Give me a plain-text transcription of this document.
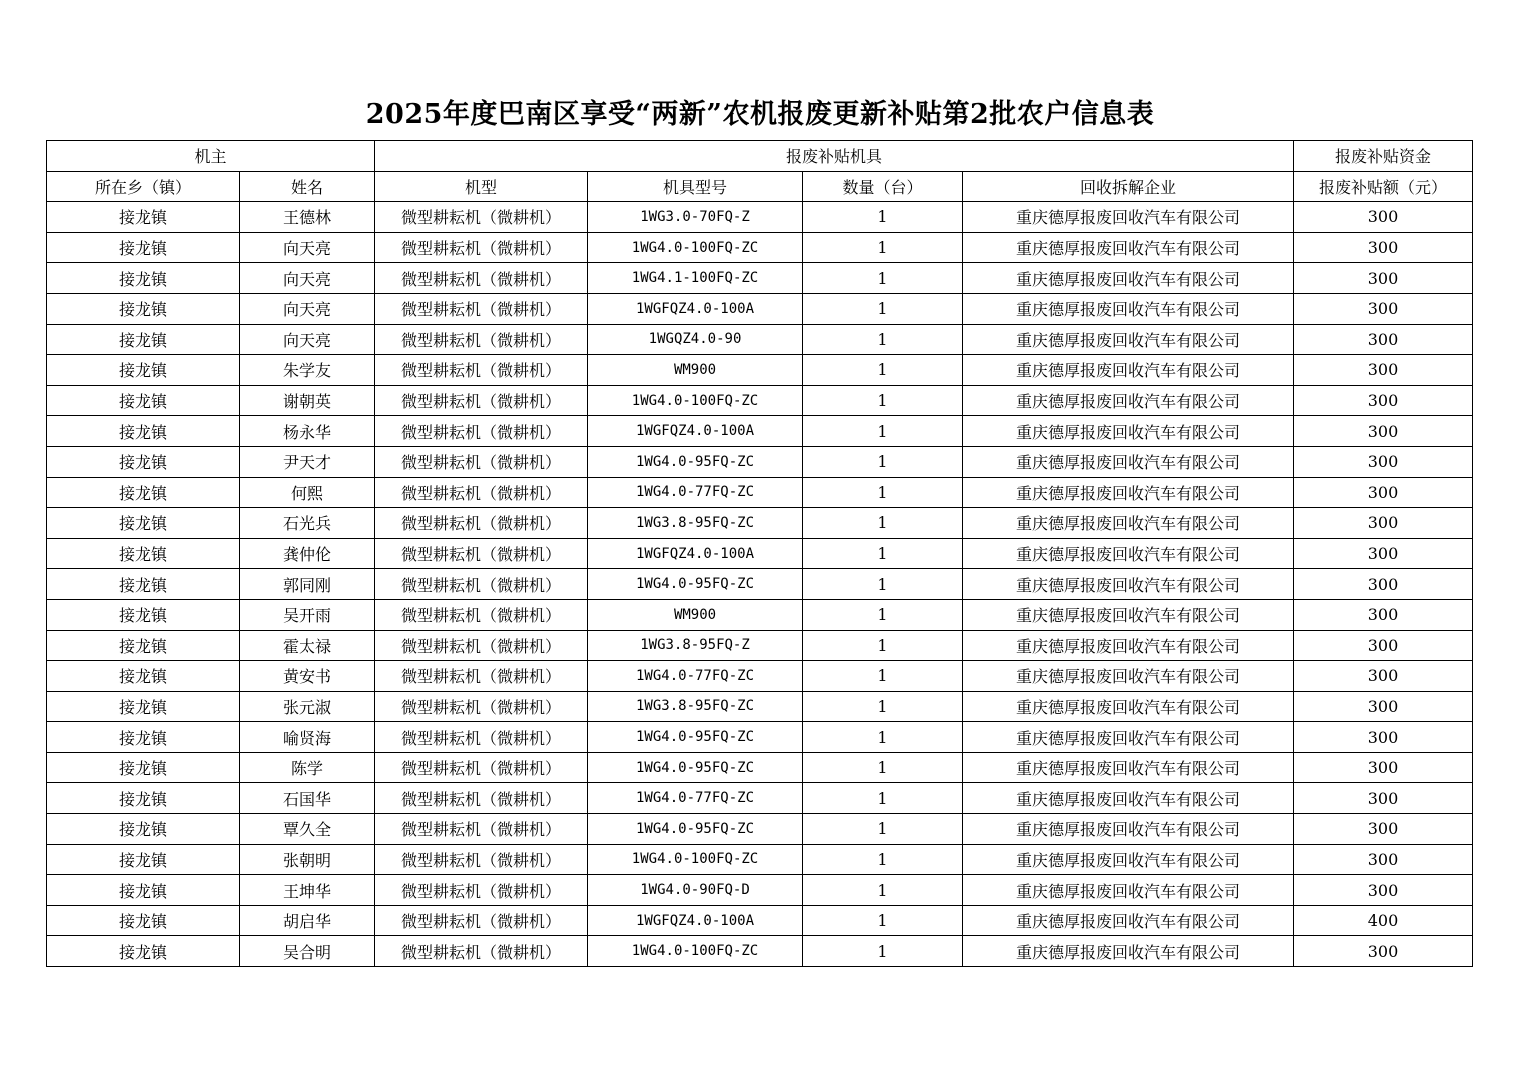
2025年度巴南区享受“两新”农机报废更新补贴第2批农户信息表
机主		报废补贴机具				报废补贴资金
所在乡（镇）	姓名	机型	机具型号	数量（台）	回收拆解企业	报废补贴额（元）
接龙镇	王德林	微型耕耘机（微耕机）	1WG3.0-70FQ-Z	1	重庆德厚报废回收汽车有限公司	300
接龙镇	向天亮	微型耕耘机（微耕机）	1WG4.0-100FQ-ZC	1	重庆德厚报废回收汽车有限公司	300
接龙镇	向天亮	微型耕耘机（微耕机）	1WG4.1-100FQ-ZC	1	重庆德厚报废回收汽车有限公司	300
接龙镇	向天亮	微型耕耘机（微耕机）	1WGFQZ4.0-100A	1	重庆德厚报废回收汽车有限公司	300
接龙镇	向天亮	微型耕耘机（微耕机）	1WGQZ4.0-90	1	重庆德厚报废回收汽车有限公司	300
接龙镇	朱学友	微型耕耘机（微耕机）	WM900	1	重庆德厚报废回收汽车有限公司	300
接龙镇	谢朝英	微型耕耘机（微耕机）	1WG4.0-100FQ-ZC	1	重庆德厚报废回收汽车有限公司	300
接龙镇	杨永华	微型耕耘机（微耕机）	1WGFQZ4.0-100A	1	重庆德厚报废回收汽车有限公司	300
接龙镇	尹天才	微型耕耘机（微耕机）	1WG4.0-95FQ-ZC	1	重庆德厚报废回收汽车有限公司	300
接龙镇	何熙	微型耕耘机（微耕机）	1WG4.0-77FQ-ZC	1	重庆德厚报废回收汽车有限公司	300
接龙镇	石光兵	微型耕耘机（微耕机）	1WG3.8-95FQ-ZC	1	重庆德厚报废回收汽车有限公司	300
接龙镇	龚仲伦	微型耕耘机（微耕机）	1WGFQZ4.0-100A	1	重庆德厚报废回收汽车有限公司	300
接龙镇	郭同刚	微型耕耘机（微耕机）	1WG4.0-95FQ-ZC	1	重庆德厚报废回收汽车有限公司	300
接龙镇	吴开雨	微型耕耘机（微耕机）	WM900	1	重庆德厚报废回收汽车有限公司	300
接龙镇	霍太禄	微型耕耘机（微耕机）	1WG3.8-95FQ-Z	1	重庆德厚报废回收汽车有限公司	300
接龙镇	黄安书	微型耕耘机（微耕机）	1WG4.0-77FQ-ZC	1	重庆德厚报废回收汽车有限公司	300
接龙镇	张元淑	微型耕耘机（微耕机）	1WG3.8-95FQ-ZC	1	重庆德厚报废回收汽车有限公司	300
接龙镇	喻贤海	微型耕耘机（微耕机）	1WG4.0-95FQ-ZC	1	重庆德厚报废回收汽车有限公司	300
接龙镇	陈学	微型耕耘机（微耕机）	1WG4.0-95FQ-ZC	1	重庆德厚报废回收汽车有限公司	300
接龙镇	石国华	微型耕耘机（微耕机）	1WG4.0-77FQ-ZC	1	重庆德厚报废回收汽车有限公司	300
接龙镇	覃久全	微型耕耘机（微耕机）	1WG4.0-95FQ-ZC	1	重庆德厚报废回收汽车有限公司	300
接龙镇	张朝明	微型耕耘机（微耕机）	1WG4.0-100FQ-ZC	1	重庆德厚报废回收汽车有限公司	300
接龙镇	王坤华	微型耕耘机（微耕机）	1WG4.0-90FQ-D	1	重庆德厚报废回收汽车有限公司	300
接龙镇	胡启华	微型耕耘机（微耕机）	1WGFQZ4.0-100A	1	重庆德厚报废回收汽车有限公司	400
接龙镇	吴合明	微型耕耘机（微耕机）	1WG4.0-100FQ-ZC	1	重庆德厚报废回收汽车有限公司	300
